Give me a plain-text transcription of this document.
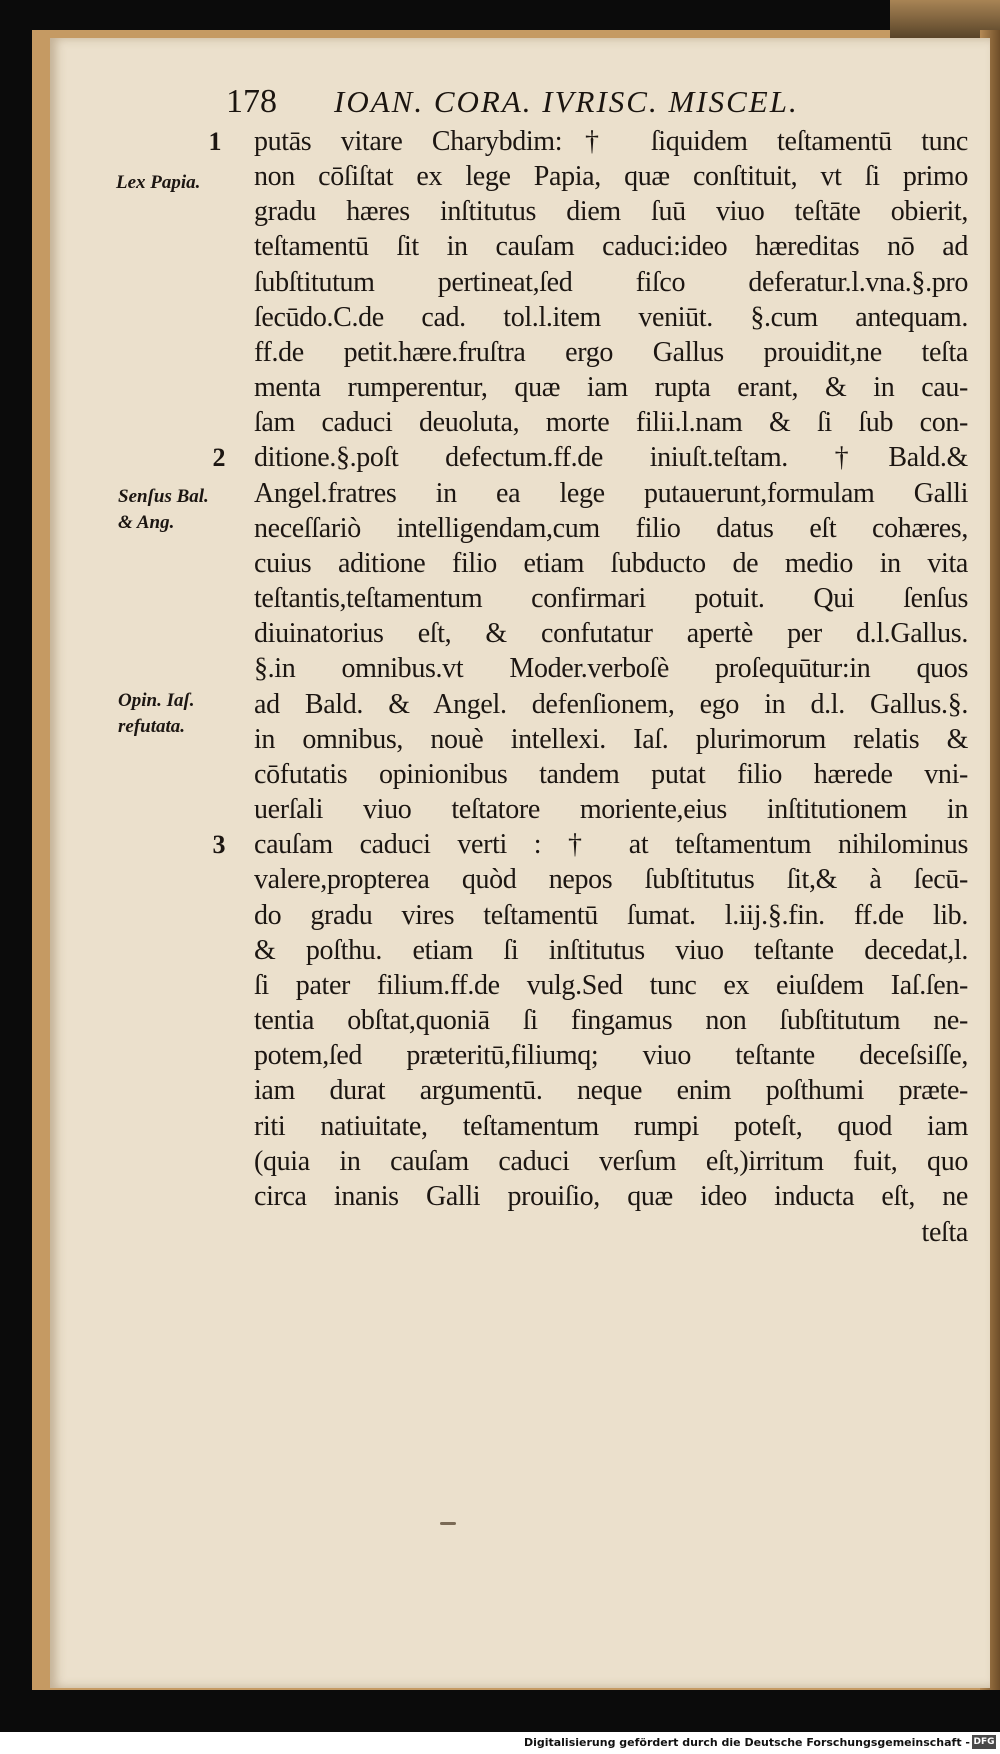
178 IOAN. CORA. IVRISC. MISCEL.
putās vitare Charybdim:† ſiquidem teſtamentū tunc
non cōſiſtat ex lege Papia, quæ conſtituit, vt ſi primo
gradu hæres inſtitutus diem ſuū viuo teſtāte obierit,
teſtamentū ſit in cauſam caduci:ideo hæreditas nō ad
ſubſtitutum pertineat,ſed fiſco deferatur.l.vna.§.pro
ſecūdo.C.de cad. tol.l.item veniūt. §.cum antequam.
ff.de petit.hære.fruſtra ergo Gallus prouidit,ne teſta
menta rumperentur, quæ iam rupta erant, & in cau-
ſam caduci deuoluta, morte filii.l.nam & ſi ſub con-
ditione.§.poſt defectum.ff.de iniuſt.teſtam. †Bald.&
Angel.fratres in ea lege putauerunt,formulam Galli
neceſſariò intelligendam,cum filio datus eſt cohæres,
cuius aditione filio etiam ſubducto de medio in vita
teſtantis,teſtamentum confirmari potuit. Qui ſenſus
diuinatorius eſt, & confutatur apertè per d.l.Gallus.
§.in omnibus.vt Moder.verboſè proſequūtur:in quos
ad Bald. & Angel. defenſionem, ego in d.l. Gallus.§.
in omnibus, nouè intellexi. Iaſ. plurimorum relatis &
cōfutatis opinionibus tandem putat filio hærede vni-
uerſali viuo teſtatore moriente,eius inſtitutionem in
cauſam caduci verti : † at teſtamentum nihilominus
valere,propterea quòd nepos ſubſtitutus ſit,& à ſecū-
do gradu vires teſtamentū ſumat. l.iij.§.fin. ff.de lib.
& poſthu. etiam ſi inſtitutus viuo teſtante decedat,l.
ſi pater filium.ff.de vulg.Sed tunc ex eiuſdem Iaſ.ſen-
tentia obſtat,quoniā ſi fingamus non ſubſtitutum ne-
potem,ſed præteritū,filiumq; viuo teſtante deceſsiſſe,
iam durat argumentū. neque enim poſthumi præte-
riti natiuitate, teſtamentum rumpi poteſt, quod iam
(quia in cauſam caduci verſum eſt,)irritum fuit, quo
circa inanis Galli prouiſio, quæ ideo inducta eſt, ne
teſta
1
2
3
Lex Papia.
Senſus Bal.
& Ang.
Opin. Iaſ.
refutata.
Digitalisierung gefördert durch die Deutsche Forschungsgemeinschaft - DFG
